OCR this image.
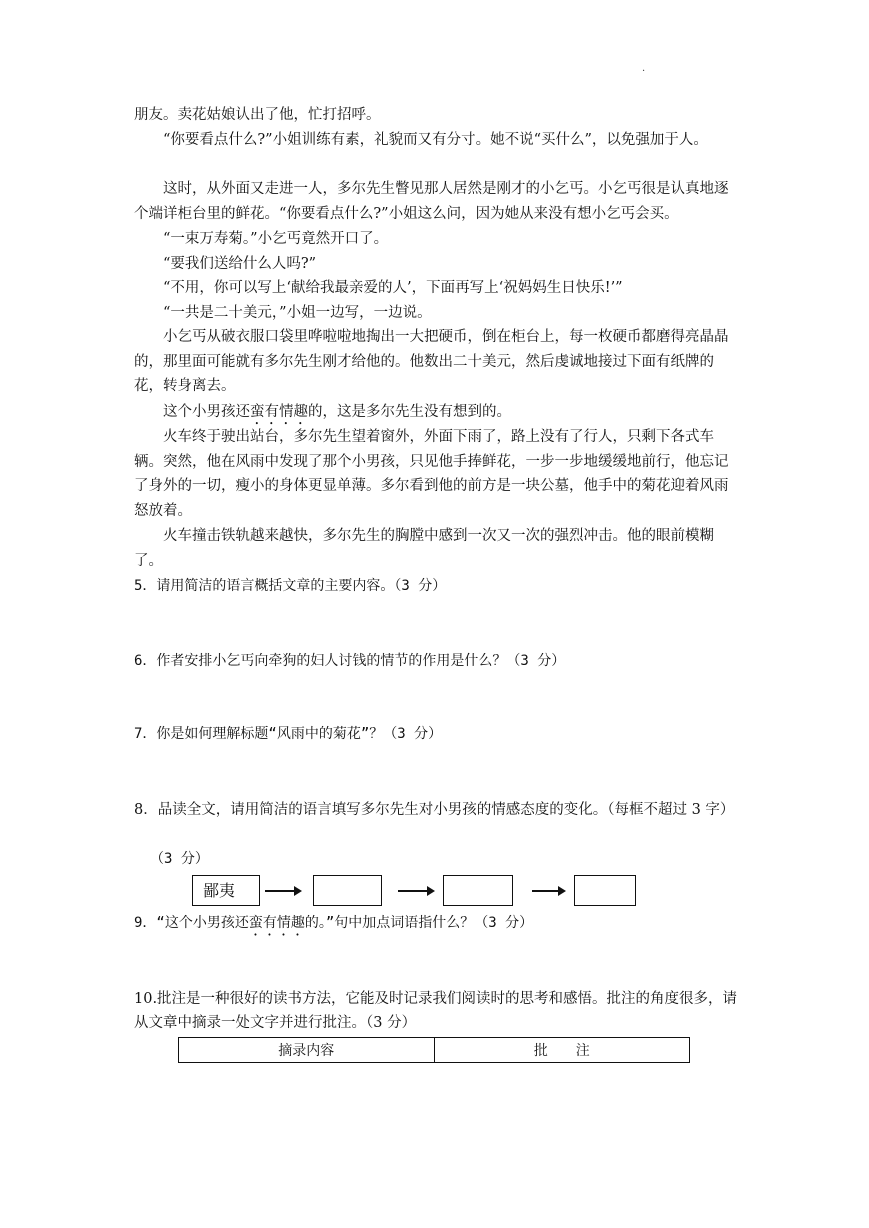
·

朋友。卖花姑娘认出了他，忙打招呼。

“你要看点什么?”小姐训练有素，礼貌而又有分寸。她不说“买什么”，以免强加于人。

这时，从外面又走进一人，多尔先生瞥见那人居然是刚才的小乞丐。小乞丐很是认真地逐个端详柜台里的鲜花。“你要看点什么?”小姐这么问，因为她从来没有想小乞丐会买。

“一束万寿菊。”小乞丐竟然开口了。

“要我们送给什么人吗?”

“不用，你可以写上‘献给我最亲爱的人’，下面再写上‘祝妈妈生日快乐!’”

“一共是二十美元，”小姐一边写，一边说。

小乞丐从破衣服口袋里哗啦啦地掏出一大把硬币，倒在柜台上，每一枚硬币都磨得亮晶晶的，那里面可能就有多尔先生刚才给他的。他数出二十美元，然后虔诚地接过下面有纸牌的花，转身离去。

这个小男孩还蛮有情趣的，这是多尔先生没有想到的。

火车终于驶出站台，多尔先生望着窗外，外面下雨了，路上没有了行人，只剩下各式车辆。突然，他在风雨中发现了那个小男孩，只见他手捧鲜花，一步一步地缓缓地前行，他忘记了身外的一切，瘦小的身体更显单薄。多尔看到他的前方是一块公墓，他手中的菊花迎着风雨怒放着。

火车撞击铁轨越来越快，多尔先生的胸膛中感到一次又一次的强烈冲击。他的眼前模糊了。

5．请用简洁的语言概括文章的主要内容。（3 分）

6．作者安排小乞丐向牵狗的妇人讨钱的情节的作用是什么？（3 分）

7．你是如何理解标题“风雨中的菊花”？（3 分）

8．品读全文，请用简洁的语言填写多尔先生对小男孩的情感态度的变化。（每框不超过 3 字）

（3 分）

鄙夷

9．“这个小男孩还蛮有情趣的。”句中加点词语指什么？（3 分）

10.批注是一种很好的读书方法，它能及时记录我们阅读时的思考和感悟。批注的角度很多，请从文章中摘录一处文字并进行批注。（3 分）

摘录内容	批　　注
